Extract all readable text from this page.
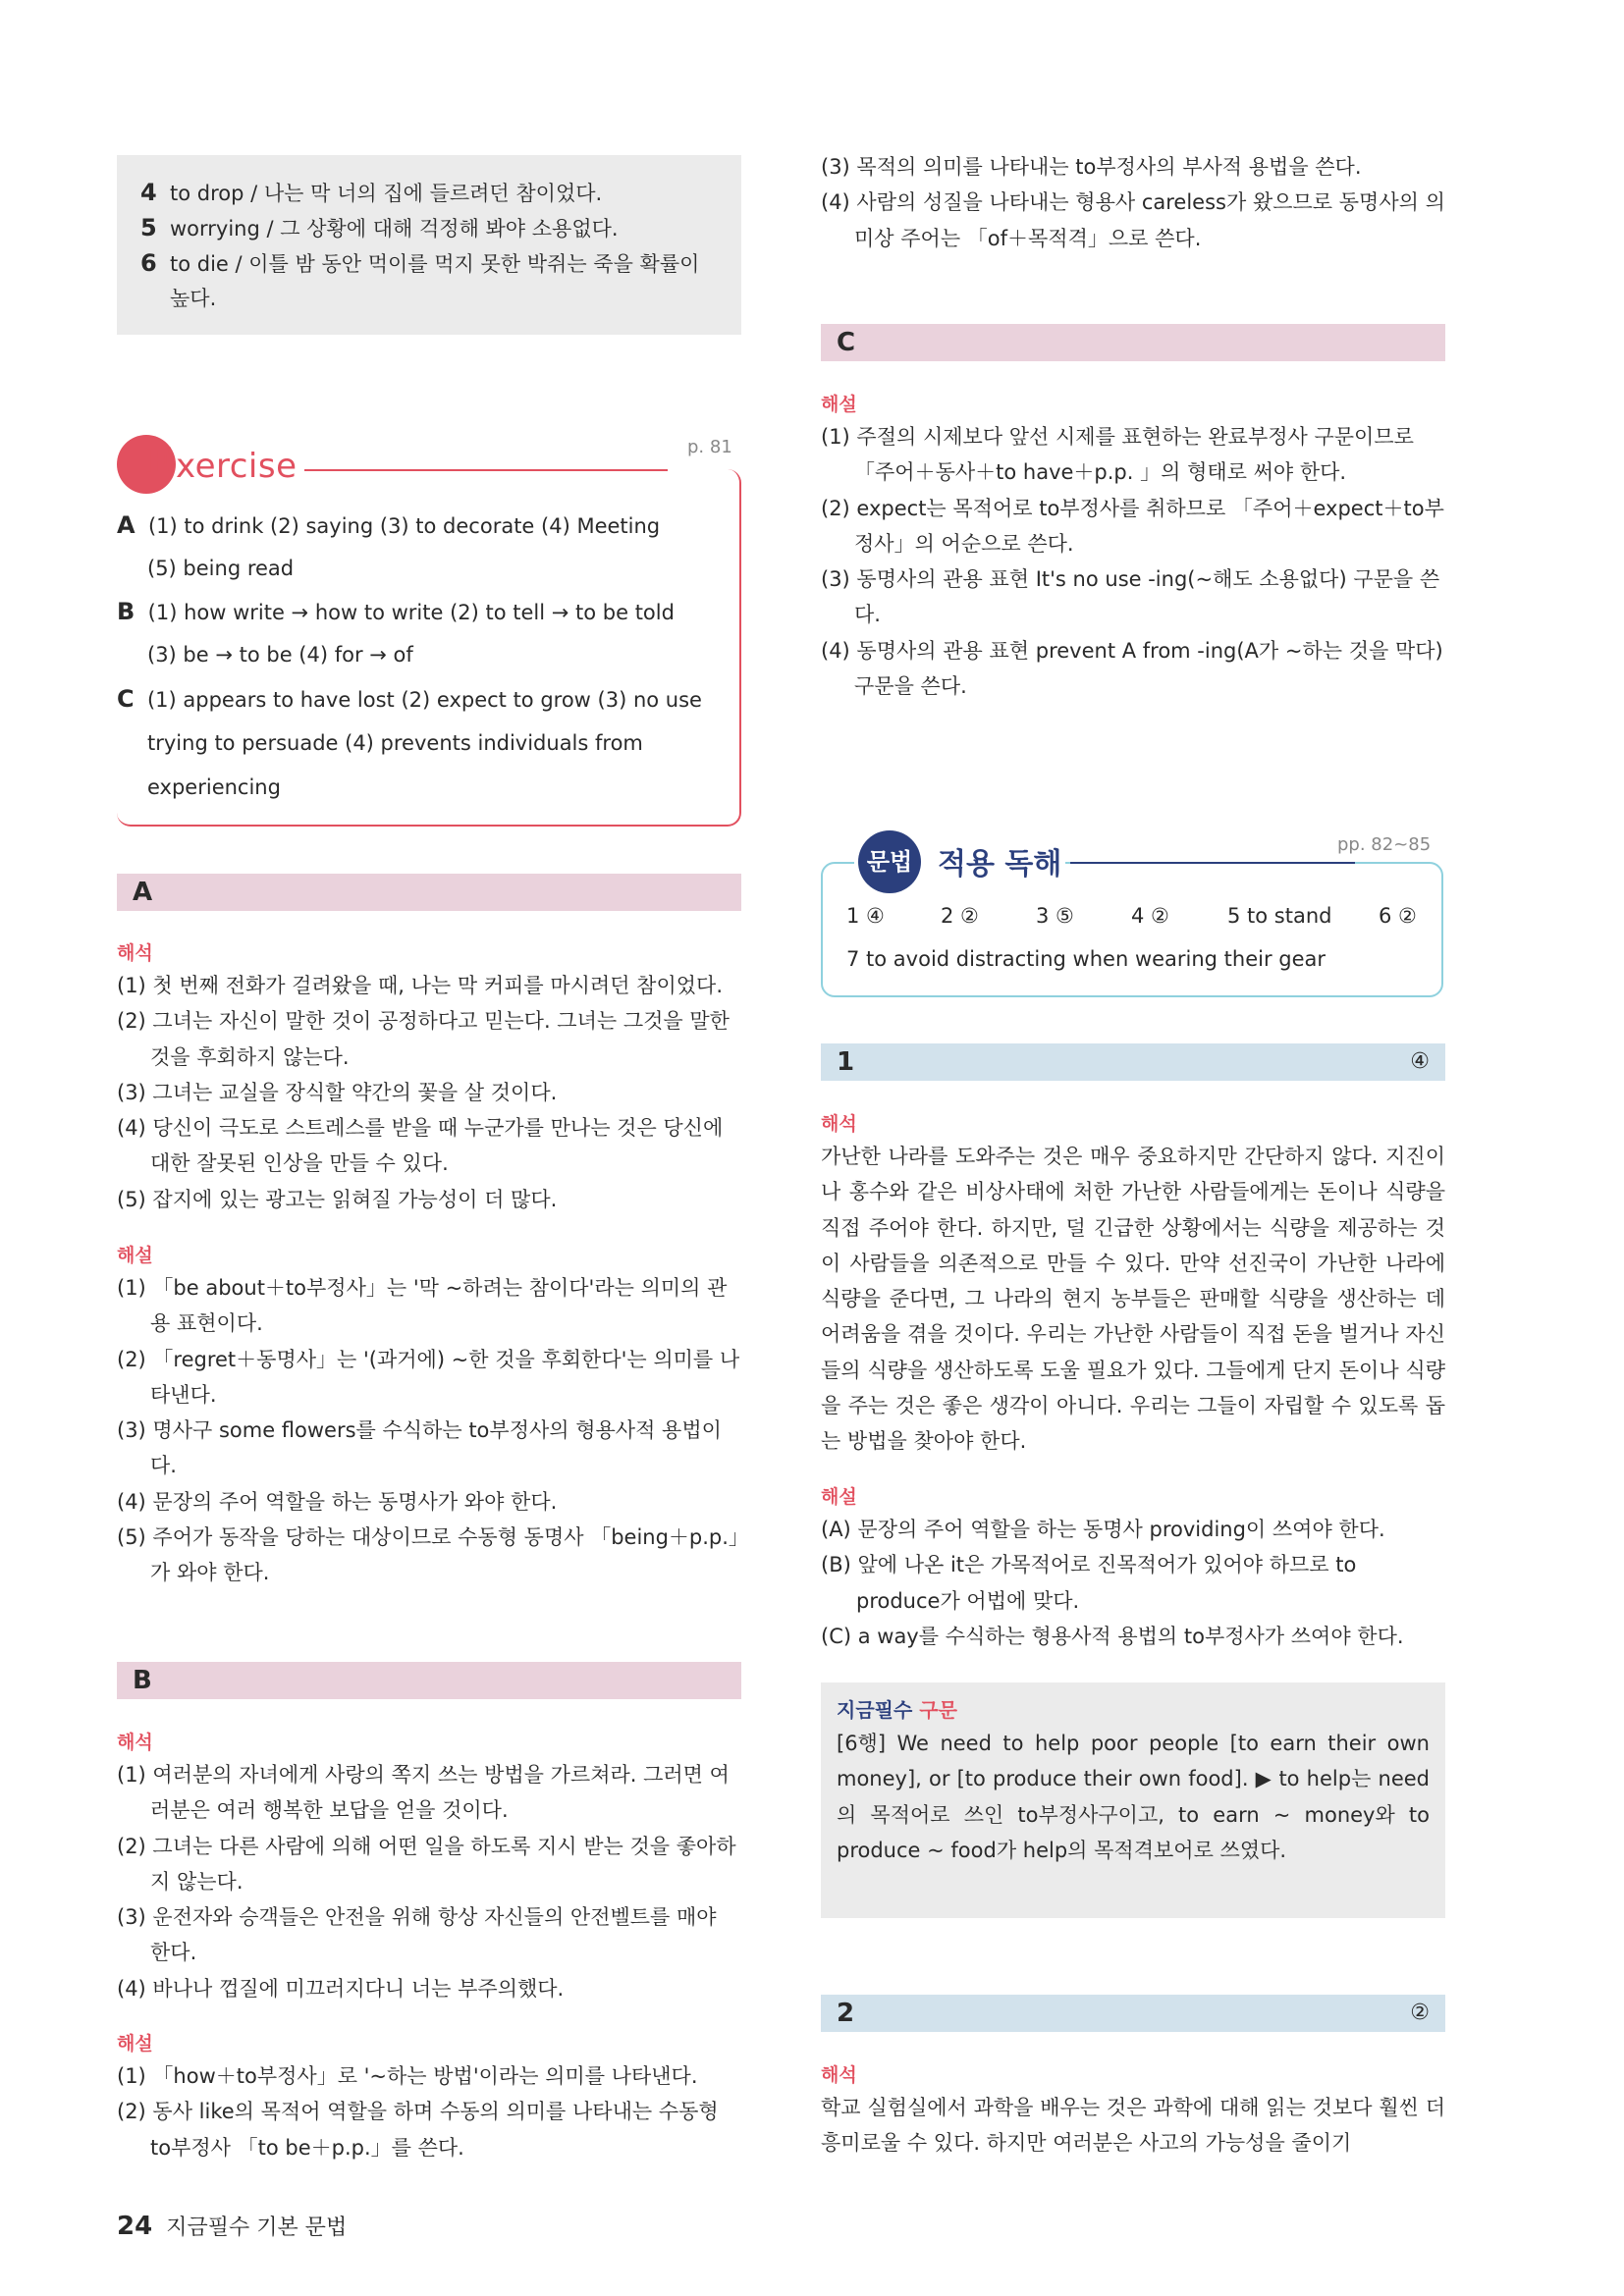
4 to drop / 나는 막 너의 집에 들르려던 참이었다.
5 worrying / 그 상황에 대해 걱정해 봐야 소용없다.
6 to die / 이틀 밤 동안 먹이를 먹지 못한 박쥐는 죽을 확률이
높다.
E xercise	p. 81
A (1) to drink (2) saying (3) to decorate (4) Meeting
(5) being read
B (1) how write → how to write (2) to tell → to be told
(3) be → to be (4) for → of
C (1) appears to have lost (2) expect to grow (3) no use
trying to persuade (4) prevents individuals from
experiencing
A
해석
(1) 첫 번째 전화가 걸려왔을 때, 나는 막 커피를 마시려던 참이었다.
(2) 그녀는 자신이 말한 것이 공정하다고 믿는다. 그녀는 그것을 말한 것을 후회하지 않는다.
(3) 그녀는 교실을 장식할 약간의 꽃을 살 것이다.
(4) 당신이 극도로 스트레스를 받을 때 누군가를 만나는 것은 당신에 대한 잘못된 인상을 만들 수 있다.
(5) 잡지에 있는 광고는 읽혀질 가능성이 더 많다.
해설
(1) 「be about＋to부정사」는 '막 ~하려는 참이다'라는 의미의 관용 표현이다.
(2) 「regret＋동명사」는 '(과거에) ~한 것을 후회한다'는 의미를 나타낸다.
(3) 명사구 some flowers를 수식하는 to부정사의 형용사적 용법이다.
(4) 문장의 주어 역할을 하는 동명사가 와야 한다.
(5) 주어가 동작을 당하는 대상이므로 수동형 동명사 「being＋p.p.」가 와야 한다.
B
해석
(1) 여러분의 자녀에게 사랑의 쪽지 쓰는 방법을 가르쳐라. 그러면 여러분은 여러 행복한 보답을 얻을 것이다.
(2) 그녀는 다른 사람에 의해 어떤 일을 하도록 지시 받는 것을 좋아하지 않는다.
(3) 운전자와 승객들은 안전을 위해 항상 자신들의 안전벨트를 매야 한다.
(4) 바나나 껍질에 미끄러지다니 너는 부주의했다.
해설
(1) 「how＋to부정사」로 '~하는 방법'이라는 의미를 나타낸다.
(2) 동사 like의 목적어 역할을 하며 수동의 의미를 나타내는 수동형 to부정사 「to be＋p.p.」를 쓴다.
24 지금필수 기본 문법
(3) 목적의 의미를 나타내는 to부정사의 부사적 용법을 쓴다.
(4) 사람의 성질을 나타내는 형용사 careless가 왔으므로 동명사의 의미상 주어는 「of＋목적격」으로 쓴다.
C
해설
(1) 주절의 시제보다 앞선 시제를 표현하는 완료부정사 구문이므로 「주어＋동사＋to have＋p.p. 」의 형태로 써야 한다.
(2) expect는 목적어로 to부정사를 취하므로 「주어＋expect＋to부정사」의 어순으로 쓴다.
(3) 동명사의 관용 표현 It's no use -ing(~해도 소용없다) 구문을 쓴다.
(4) 동명사의 관용 표현 prevent A from -ing(A가 ~하는 것을 막다) 구문을 쓴다.
문법 적용 독해
pp. 82~85
1 ④	2 ②	3 ⑤	4 ②	5 to stand 6 ②
7 to avoid distracting when wearing their gear
1	④
해석
가난한 나라를 도와주는 것은 매우 중요하지만 간단하지 않다. 지진이나 홍수와 같은 비상사태에 처한 가난한 사람들에게는 돈이나 식량을 직접 주어야 한다. 하지만, 덜 긴급한 상황에서는 식량을 제공하는 것이 사람들을 의존적으로 만들 수 있다. 만약 선진국이 가난한 나라에 식량을 준다면, 그 나라의 현지 농부들은 판매할 식량을 생산하는 데 어려움을 겪을 것이다. 우리는 가난한 사람들이 직접 돈을 벌거나 자신들의 식량을 생산하도록 도울 필요가 있다. 그들에게 단지 돈이나 식량을 주는 것은 좋은 생각이 아니다. 우리는 그들이 자립할 수 있도록 돕는 방법을 찾아야 한다.
해설
(A) 문장의 주어 역할을 하는 동명사 providing이 쓰여야 한다.
(B) 앞에 나온 it은 가목적어로 진목적어가 있어야 하므로 to produce가 어법에 맞다.
(C) a way를 수식하는 형용사적 용법의 to부정사가 쓰여야 한다.
지금필수 구문
[6행] We need to help poor people [to earn their own money], or [to produce their own food]. ▶ to help는 need의 목적어로 쓰인 to부정사구이고, to earn ~ money와 to produce ~ food가 help의 목적격보어로 쓰였다.
2	②
해석
학교 실험실에서 과학을 배우는 것은 과학에 대해 읽는 것보다 훨씬 더 흥미로울 수 있다. 하지만 여러분은 사고의 가능성을 줄이기
